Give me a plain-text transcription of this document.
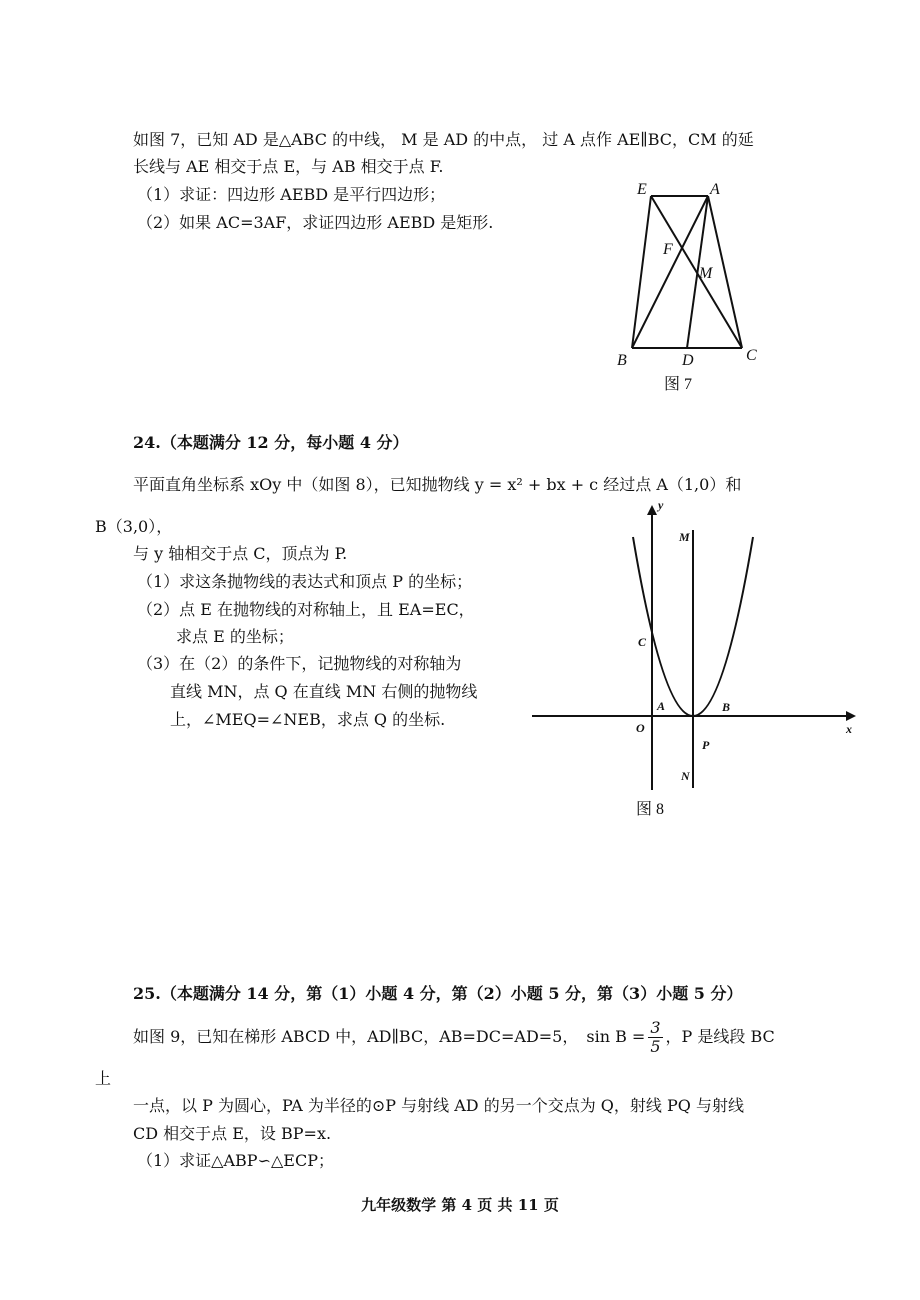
如图 7，已知 AD 是△ABC 的中线， M 是 AD 的中点， 过 A 点作 AE∥BC，CM 的延
长线与 AE 相交于点 E，与 AB 相交于点 F.
（1）求证：四边形 AEBD 是平行四边形；
（2）如果 AC=3AF，求证四边形 AEBD 是矩形.
E	A
F
M
B	D	C
图 7
24.（本题满分 12 分，每小题 4 分）
平面直角坐标系 xOy 中（如图 8），已知抛物线 y = x² + bx + c 经过点 A（1,0）和
B（3,0），
与 y 轴相交于点 C，顶点为 P.
（1）求这条抛物线的表达式和顶点 P 的坐标；
（2）点 E 在抛物线的对称轴上，且 EA=EC，
求点 E 的坐标；
（3）在（2）的条件下，记抛物线的对称轴为
直线 MN，点 Q 在直线 MN 右侧的抛物线
上，∠MEQ=∠NEB，求点 Q 的坐标.
y
x
M
C
A	B
O
P
N
图 8
25.（本题满分 14 分，第（1）小题 4 分，第（2）小题 5 分，第（3）小题 5 分）
如图 9，已知在梯形 ABCD 中，AD∥BC，AB=DC=AD=5， $\sin B = \frac{3}{5}$ ，P 是线段 BC
上
一点，以 P 为圆心，PA 为半径的⊙P 与射线 AD 的另一个交点为 Q，射线 PQ 与射线
CD 相交于点 E，设 BP=x.
（1）求证△ABP∽△ECP；
九年级数学 第 4 页 共 11 页
